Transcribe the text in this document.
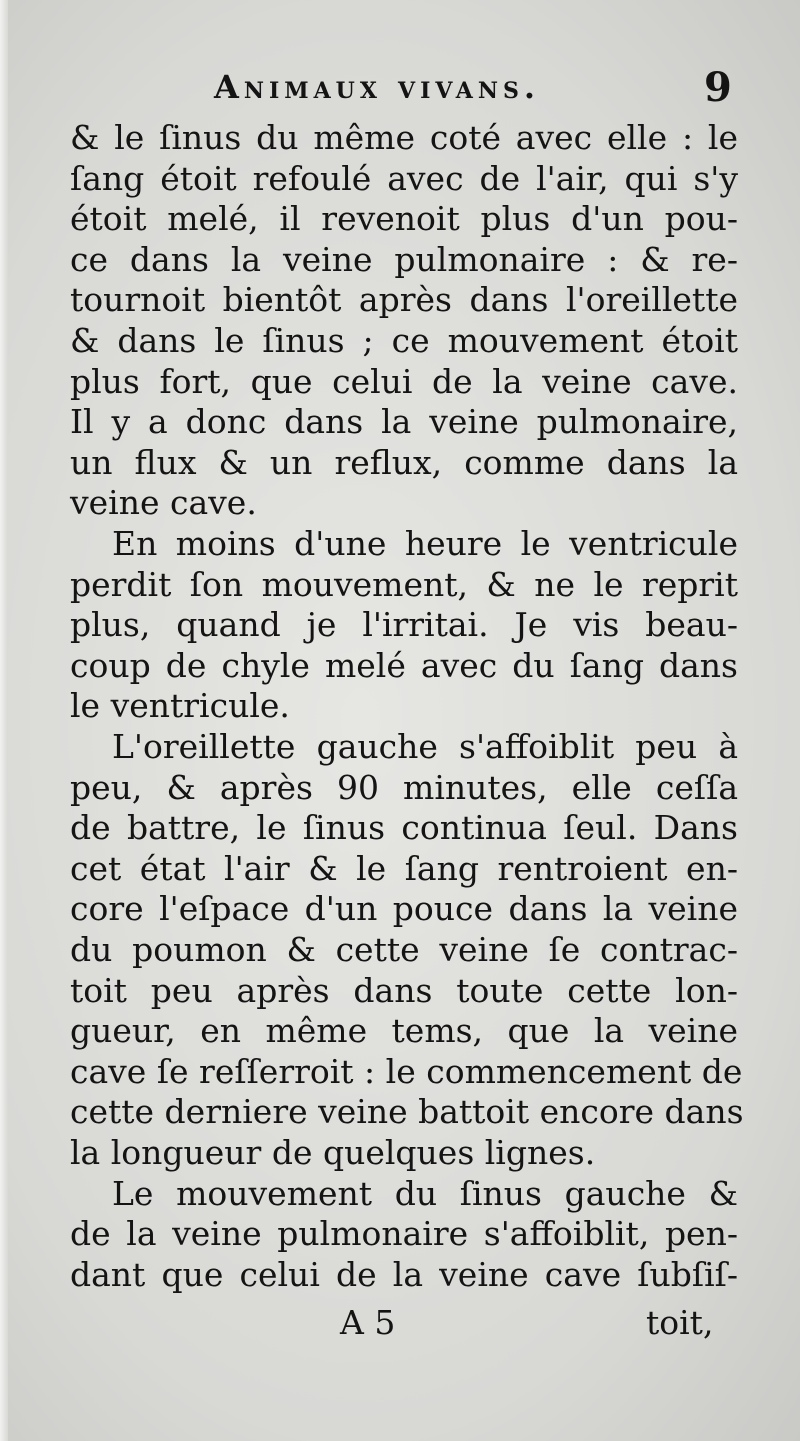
Animaux vivans.	9
& le ſinus du même coté avec elle : le
ſang étoit refoulé avec de l'air, qui s'y
étoit melé, il revenoit plus d'un pou-
ce dans la veine pulmonaire : & re-
tournoit bientôt après dans l'oreillette
& dans le ſinus ; ce mouvement étoit
plus fort, que celui de la veine cave.
Il y a donc dans la veine pulmonaire,
un flux & un reflux, comme dans la
veine cave.
En moins d'une heure le ventricule
perdit ſon mouvement, & ne le reprit
plus, quand je l'irritai. Je vis beau-
coup de chyle melé avec du ſang dans
le ventricule.
L'oreillette gauche s'affoiblit peu à
peu, & après 90 minutes, elle ceſſa
de battre, le ſinus continua ſeul. Dans
cet état l'air & le ſang rentroient en-
core l'eſpace d'un pouce dans la veine
du poumon & cette veine ſe contrac-
toit peu après dans toute cette lon-
gueur, en même tems, que la veine
cave ſe reſſerroit : le commencement de
cette derniere veine battoit encore dans
la longueur de quelques lignes.
Le mouvement du ſinus gauche &
de la veine pulmonaire s'affoiblit, pen-
dant que celui de la veine cave ſubſiſ-
A 5	toit,
